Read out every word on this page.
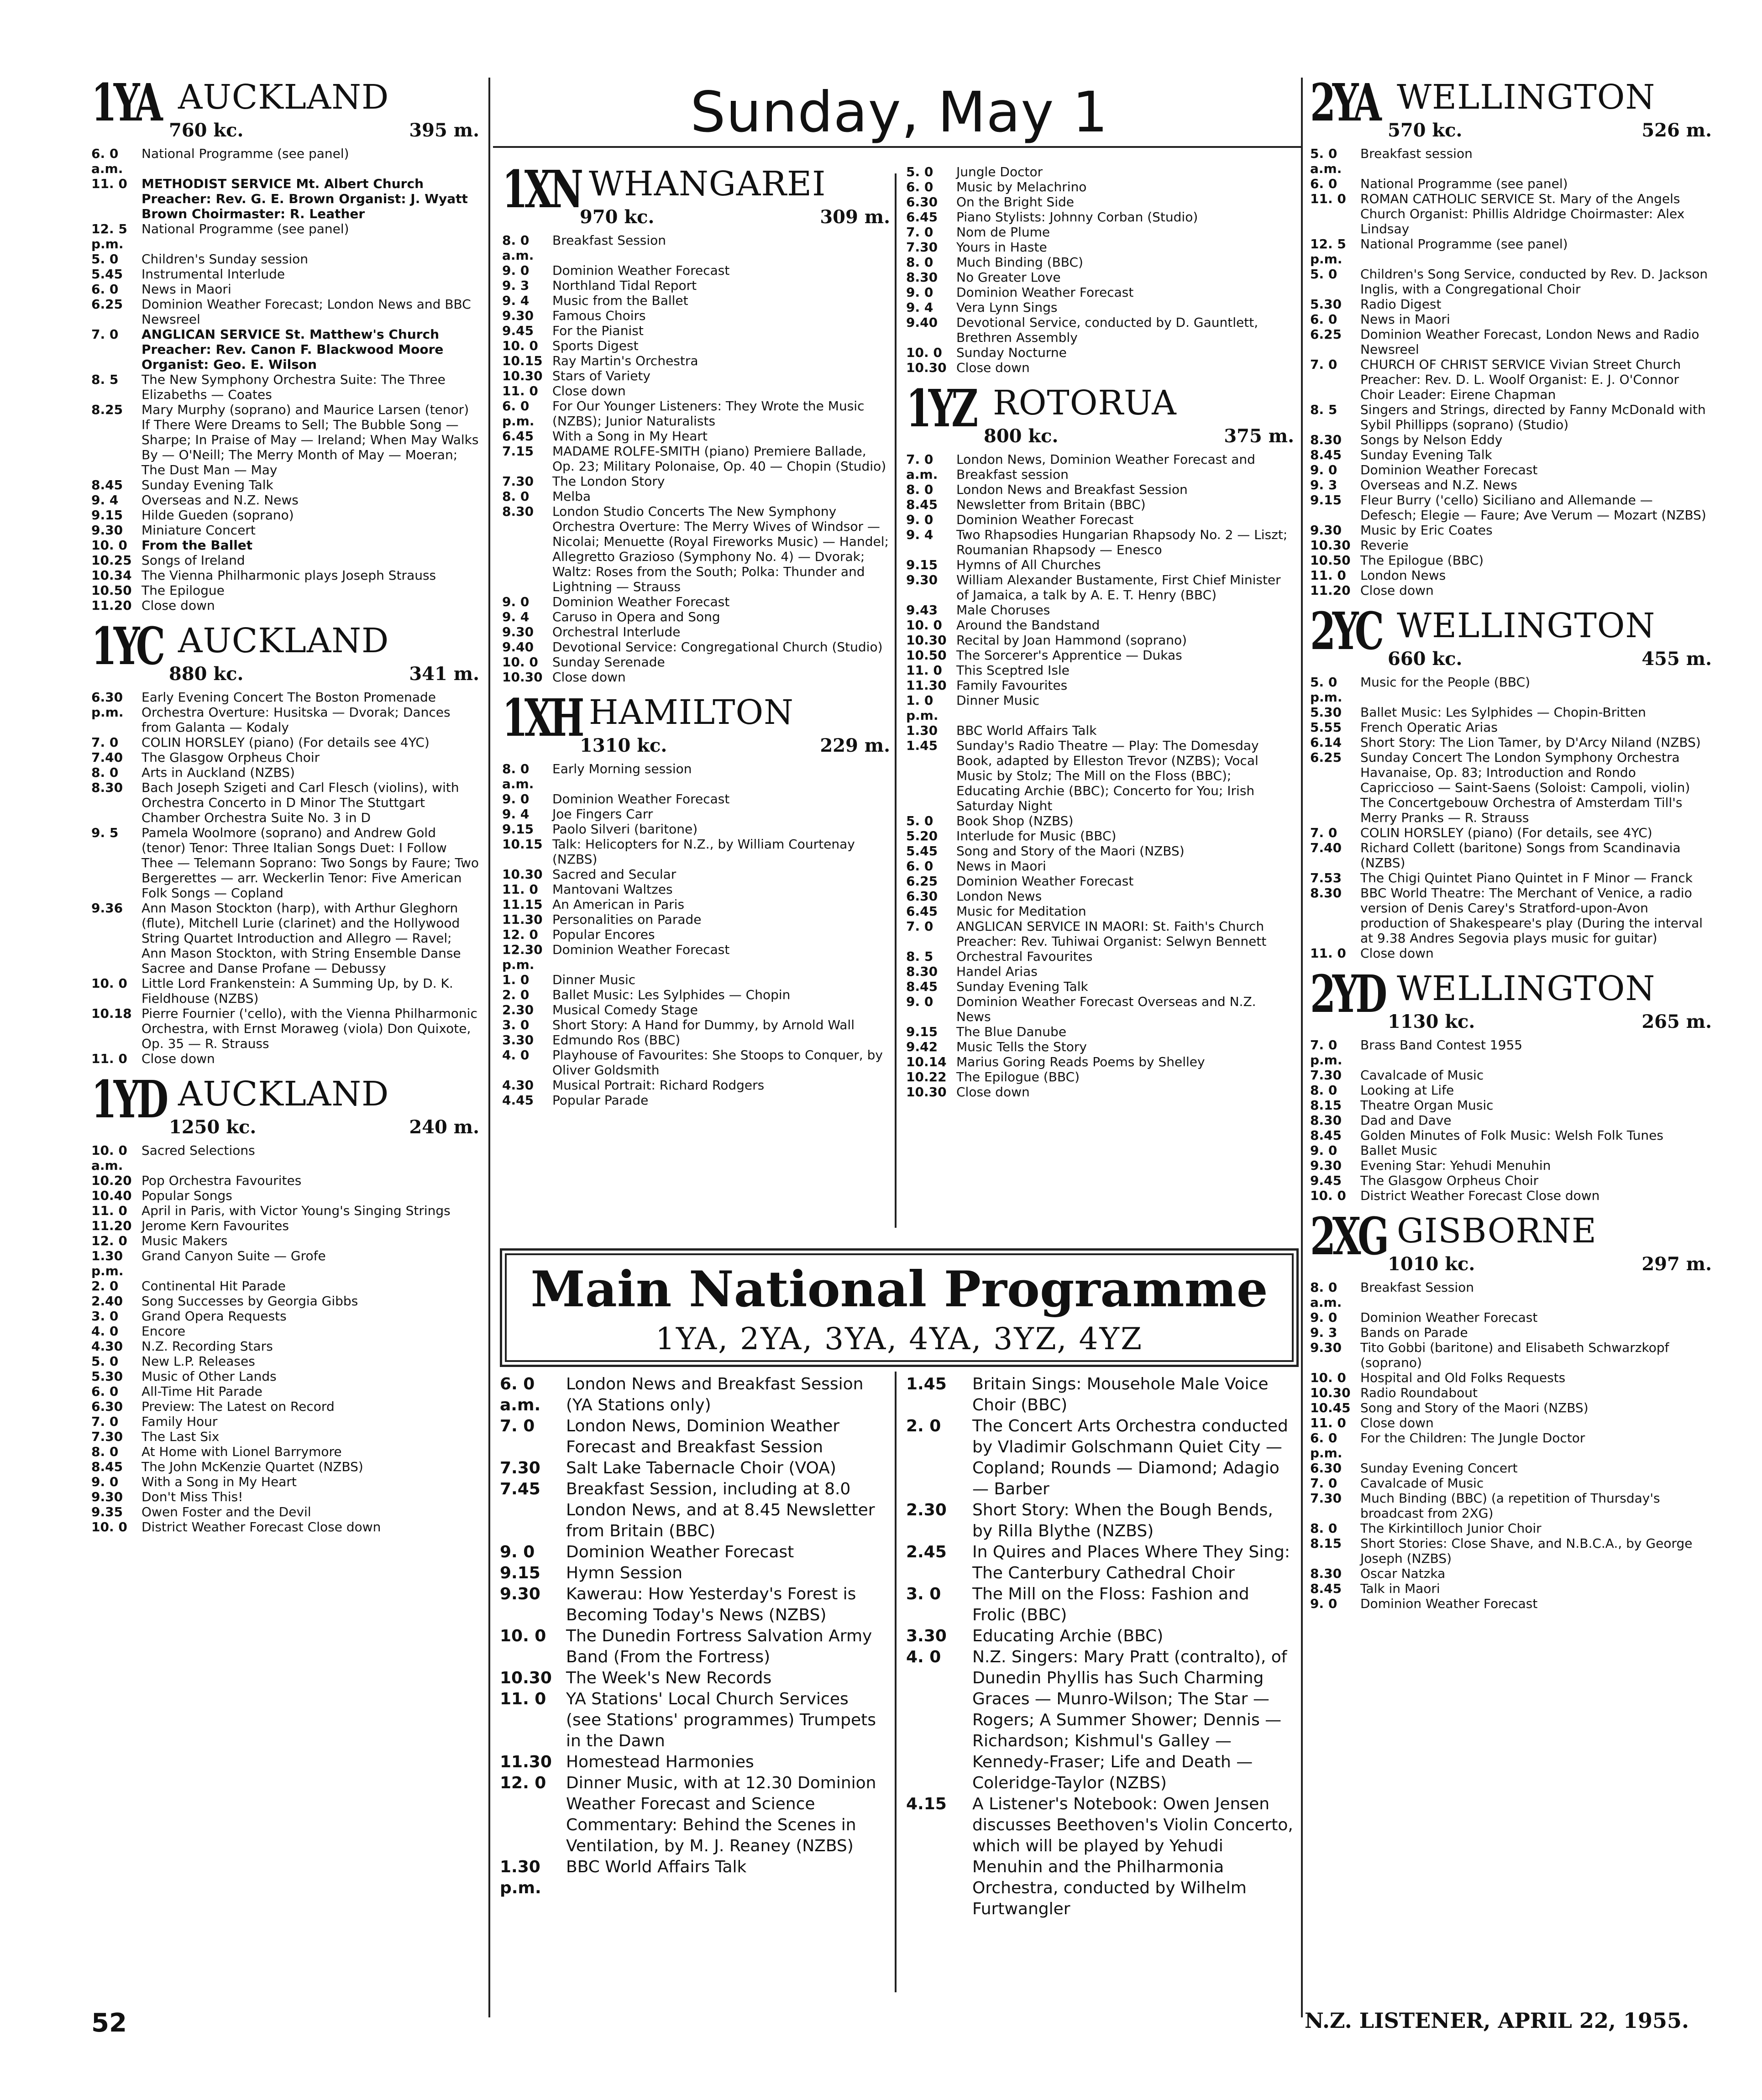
Sunday, May 1
1YA AUCKLAND
760 kc.	395 m.
6. 0 a.m.
National Programme (see panel)
11. 0	METHODIST SERVICE Mt. Albert Church Preacher: Rev. G. E. Brown Organist: J. Wyatt Brown Choirmaster: R. Leather
12. 5 p.m.
National Programme (see panel)
5. 0	Children's Sunday session
5.45	Instrumental Interlude
6. 0	News in Maori
6.25	Dominion Weather Forecast; London News and BBC Newsreel
7. 0	ANGLICAN SERVICE St. Matthew's Church Preacher: Rev. Canon F. Blackwood Moore Organist: Geo. E. Wilson
8. 5	The New Symphony Orchestra Suite: The Three Elizabeths — Coates
8.25	Mary Murphy (soprano) and Maurice Larsen (tenor) If There Were Dreams to Sell; The Bubble Song — Sharpe; In Praise of May — Ireland; When May Walks By — O'Neill; The Merry Month of May — Moeran; The Dust Man — May
8.45	Sunday Evening Talk
9. 4	Overseas and N.Z. News
9.15	Hilde Gueden (soprano)
9.30	Miniature Concert
10. 0	From the Ballet
10.25 Songs of Ireland
10.34 The Vienna Philharmonic plays Joseph Strauss
10.50 The Epilogue
11.20 Close down
1YC AUCKLAND
880 kc.	341 m.
6.30 p.m.
Early Evening Concert The Boston Promenade Orchestra Overture: Husitska — Dvorak; Dances from Galanta — Kodaly
7. 0	COLIN HORSLEY (piano) (For details see 4YC)
7.40	The Glasgow Orpheus Choir
8. 0	Arts in Auckland (NZBS)
8.30	Bach Joseph Szigeti and Carl Flesch (violins), with Orchestra Concerto in D Minor The Stuttgart Chamber Orchestra Suite No. 3 in D
9. 5	Pamela Woolmore (soprano) and Andrew Gold (tenor) Tenor: Three Italian Songs Duet: I Follow Thee — Telemann Soprano: Two Songs by Faure; Two Bergerettes — arr. Weckerlin Tenor: Five American Folk Songs — Copland
9.36	Ann Mason Stockton (harp), with Arthur Gleghorn (flute), Mitchell Lurie (clarinet) and the Hollywood String Quartet Introduction and Allegro — Ravel; Ann Mason Stockton, with String Ensemble Danse Sacree and Danse Profane — Debussy
10. 0	Little Lord Frankenstein: A Summing Up, by D. K. Fieldhouse (NZBS)
10.18 Pierre Fournier ('cello), with the Vienna Philharmonic Orchestra, with Ernst Moraweg (viola) Don Quixote, Op. 35 — R. Strauss
11. 0	Close down
1YD AUCKLAND
1250 kc.	240 m.
10. 0 a.m.
Sacred Selections
10.20 Pop Orchestra Favourites
10.40 Popular Songs
11. 0	April in Paris, with Victor Young's Singing Strings
11.20 Jerome Kern Favourites
12. 0	Music Makers
1.30 p.m.
Grand Canyon Suite — Grofe
2. 0	Continental Hit Parade
2.40	Song Successes by Georgia Gibbs
3. 0	Grand Opera Requests
4. 0	Encore
4.30	N.Z. Recording Stars
5. 0	New L.P. Releases
5.30	Music of Other Lands
6. 0	All-Time Hit Parade
6.30	Preview: The Latest on Record
7. 0	Family Hour
7.30	The Last Six
8. 0	At Home with Lionel Barrymore
8.45	The John McKenzie Quartet (NZBS)
9. 0	With a Song in My Heart
9.30	Don't Miss This!
9.35	Owen Foster and the Devil
10. 0	District Weather Forecast Close down
1XN WHANGAREI
970 kc.	309 m.
8. 0 a.m.
Breakfast Session
9. 0	Dominion Weather Forecast
9. 3	Northland Tidal Report
9. 4	Music from the Ballet
9.30	Famous Choirs
9.45	For the Pianist
10. 0	Sports Digest
10.15 Ray Martin's Orchestra
10.30 Stars of Variety
11. 0	Close down
6. 0 p.m.
For Our Younger Listeners: They Wrote the Music (NZBS); Junior Naturalists
6.45	With a Song in My Heart
7.15	MADAME ROLFE-SMITH (piano) Premiere Ballade, Op. 23; Military Polonaise, Op. 40 — Chopin (Studio)
7.30	The London Story
8. 0	Melba
8.30	London Studio Concerts The New Symphony Orchestra Overture: The Merry Wives of Windsor — Nicolai; Menuette (Royal Fireworks Music) — Handel; Allegretto Grazioso (Symphony No. 4) — Dvorak; Waltz: Roses from the South; Polka: Thunder and Lightning — Strauss
9. 0	Dominion Weather Forecast
9. 4	Caruso in Opera and Song
9.30	Orchestral Interlude
9.40	Devotional Service: Congregational Church (Studio)
10. 0	Sunday Serenade
10.30 Close down
1XH HAMILTON
1310 kc.	229 m.
8. 0 a.m.
Early Morning session
9. 0	Dominion Weather Forecast
9. 4	Joe Fingers Carr
9.15	Paolo Silveri (baritone)
10.15 Talk: Helicopters for N.Z., by William Courtenay (NZBS)
10.30 Sacred and Secular
11. 0	Mantovani Waltzes
11.15 An American in Paris
11.30 Personalities on Parade
12. 0	Popular Encores
12.30 p.m.
Dominion Weather Forecast
1. 0	Dinner Music
2. 0	Ballet Music: Les Sylphides — Chopin
2.30	Musical Comedy Stage
3. 0	Short Story: A Hand for Dummy, by Arnold Wall
3.30	Edmundo Ros (BBC)
4. 0	Playhouse of Favourites: She Stoops to Conquer, by Oliver Goldsmith
4.30	Musical Portrait: Richard Rodgers
4.45	Popular Parade
5. 0	Jungle Doctor
6. 0	Music by Melachrino
6.30	On the Bright Side
6.45	Piano Stylists: Johnny Corban (Studio)
7. 0	Nom de Plume
7.30	Yours in Haste
8. 0	Much Binding (BBC)
8.30	No Greater Love
9. 0	Dominion Weather Forecast
9. 4	Vera Lynn Sings
9.40	Devotional Service, conducted by D. Gauntlett, Brethren Assembly
10. 0	Sunday Nocturne
10.30 Close down
1YZ ROTORUA
800 kc.	375 m.
7. 0 a.m.
London News, Dominion Weather Forecast and Breakfast session
8. 0	London News and Breakfast Session
8.45	Newsletter from Britain (BBC)
9. 0	Dominion Weather Forecast
9. 4	Two Rhapsodies Hungarian Rhapsody No. 2 — Liszt; Roumanian Rhapsody — Enesco
9.15	Hymns of All Churches
9.30	William Alexander Bustamente, First Chief Minister of Jamaica, a talk by A. E. T. Henry (BBC)
9.43	Male Choruses
10. 0	Around the Bandstand
10.30 Recital by Joan Hammond (soprano)
10.50 The Sorcerer's Apprentice — Dukas
11. 0	This Sceptred Isle
11.30 Family Favourites
1. 0 p.m.
Dinner Music
1.30	BBC World Affairs Talk
1.45	Sunday's Radio Theatre — Play: The Domesday Book, adapted by Elleston Trevor (NZBS); Vocal Music by Stolz; The Mill on the Floss (BBC); Educating Archie (BBC); Concerto for You; Irish Saturday Night
5. 0	Book Shop (NZBS)
5.20	Interlude for Music (BBC)
5.45	Song and Story of the Maori (NZBS)
6. 0	News in Maori
6.25	Dominion Weather Forecast
6.30	London News
6.45	Music for Meditation
7. 0	ANGLICAN SERVICE IN MAORI: St. Faith's Church Preacher: Rev. Tuhiwai Organist: Selwyn Bennett
8. 5	Orchestral Favourites
8.30	Handel Arias
8.45	Sunday Evening Talk
9. 0	Dominion Weather Forecast Overseas and N.Z. News
9.15	The Blue Danube
9.42	Music Tells the Story
10.14 Marius Goring Reads Poems by Shelley
10.22 The Epilogue (BBC)
10.30 Close down
2YA WELLINGTON
570 kc.	526 m.
5. 0 a.m.
Breakfast session
6. 0	National Programme (see panel)
11. 0	ROMAN CATHOLIC SERVICE St. Mary of the Angels Church Organist: Phillis Aldridge Choirmaster: Alex Lindsay
12. 5 p.m.
National Programme (see panel)
5. 0	Children's Song Service, conducted by Rev. D. Jackson Inglis, with a Congregational Choir
5.30	Radio Digest
6. 0	News in Maori
6.25	Dominion Weather Forecast, London News and Radio Newsreel
7. 0	CHURCH OF CHRIST SERVICE Vivian Street Church Preacher: Rev. D. L. Woolf Organist: E. J. O'Connor Choir Leader: Eirene Chapman
8. 5	Singers and Strings, directed by Fanny McDonald with Sybil Phillipps (soprano) (Studio)
8.30	Songs by Nelson Eddy
8.45	Sunday Evening Talk
9. 0	Dominion Weather Forecast
9. 3	Overseas and N.Z. News
9.15	Fleur Burry ('cello) Siciliano and Allemande — Defesch; Elegie — Faure; Ave Verum — Mozart (NZBS)
9.30	Music by Eric Coates
10.30 Reverie
10.50 The Epilogue (BBC)
11. 0	London News
11.20 Close down
2YC WELLINGTON
660 kc.	455 m.
5. 0 p.m.
Music for the People (BBC)
5.30	Ballet Music: Les Sylphides — Chopin-Britten
5.55	French Operatic Arias
6.14	Short Story: The Lion Tamer, by D'Arcy Niland (NZBS)
6.25	Sunday Concert The London Symphony Orchestra Havanaise, Op. 83; Introduction and Rondo Capriccioso — Saint-Saens (Soloist: Campoli, violin) The Concertgebouw Orchestra of Amsterdam Till's Merry Pranks — R. Strauss
7. 0	COLIN HORSLEY (piano) (For details, see 4YC)
7.40	Richard Collett (baritone) Songs from Scandinavia (NZBS)
7.53	The Chigi Quintet Piano Quintet in F Minor — Franck
8.30	BBC World Theatre: The Merchant of Venice, a radio version of Denis Carey's Stratford-upon-Avon production of Shakespeare's play (During the interval at 9.38 Andres Segovia plays music for guitar)
11. 0	Close down
2YD WELLINGTON
1130 kc.	265 m.
7. 0 p.m.
Brass Band Contest 1955
7.30	Cavalcade of Music
8. 0	Looking at Life
8.15	Theatre Organ Music
8.30	Dad and Dave
8.45	Golden Minutes of Folk Music: Welsh Folk Tunes
9. 0	Ballet Music
9.30	Evening Star: Yehudi Menuhin
9.45	The Glasgow Orpheus Choir
10. 0	District Weather Forecast Close down
2XG GISBORNE
1010 kc.	297 m.
8. 0 a.m.
Breakfast Session
9. 0	Dominion Weather Forecast
9. 3	Bands on Parade
9.30	Tito Gobbi (baritone) and Elisabeth Schwarzkopf (soprano)
10. 0	Hospital and Old Folks Requests
10.30 Radio Roundabout
10.45 Song and Story of the Maori (NZBS)
11. 0	Close down
6. 0 p.m.
For the Children: The Jungle Doctor
6.30	Sunday Evening Concert
7. 0	Cavalcade of Music
7.30	Much Binding (BBC) (a repetition of Thursday's broadcast from 2XG)
8. 0	The Kirkintilloch Junior Choir
8.15	Short Stories: Close Shave, and N.B.C.A., by George Joseph (NZBS)
8.30	Oscar Natzka
8.45	Talk in Maori
9. 0	Dominion Weather Forecast
Main National Programme
1YA, 2YA, 3YA, 4YA, 3YZ, 4YZ
6. 0 a.m.
London News and Breakfast Session (YA Stations only)
7. 0	London News, Dominion Weather Forecast and Breakfast Session
7.30	Salt Lake Tabernacle Choir (VOA)
7.45	Breakfast Session, including at 8.0 London News, and at 8.45 Newsletter from Britain (BBC)
9. 0	Dominion Weather Forecast
9.15	Hymn Session
9.30	Kawerau: How Yesterday's Forest is Becoming Today's News (NZBS)
10. 0	The Dunedin Fortress Salvation Army Band (From the Fortress)
10.30 The Week's New Records
11. 0	YA Stations' Local Church Services (see Stations' programmes) Trumpets in the Dawn
11.30 Homestead Harmonies
12. 0	Dinner Music, with at 12.30 Dominion Weather Forecast and Science Commentary: Behind the Scenes in Ventilation, by M. J. Reaney (NZBS)
1.30 p.m.
BBC World Affairs Talk
1.45	Britain Sings: Mousehole Male Voice Choir (BBC)
2. 0	The Concert Arts Orchestra conducted by Vladimir Golschmann Quiet City — Copland; Rounds — Diamond; Adagio — Barber
2.30	Short Story: When the Bough Bends, by Rilla Blythe (NZBS)
2.45	In Quires and Places Where They Sing: The Canterbury Cathedral Choir
3. 0	The Mill on the Floss: Fashion and Frolic (BBC)
3.30	Educating Archie (BBC)
4. 0	N.Z. Singers: Mary Pratt (contralto), of Dunedin Phyllis has Such Charming Graces — Munro-Wilson; The Star — Rogers; A Summer Shower; Dennis — Richardson; Kishmul's Galley — Kennedy-Fraser; Life and Death — Coleridge-Taylor (NZBS)
4.15	A Listener's Notebook: Owen Jensen discusses Beethoven's Violin Concerto, which will be played by Yehudi Menuhin and the Philharmonia Orchestra, conducted by Wilhelm Furtwangler
52	N.Z. LISTENER, APRIL 22, 1955.
